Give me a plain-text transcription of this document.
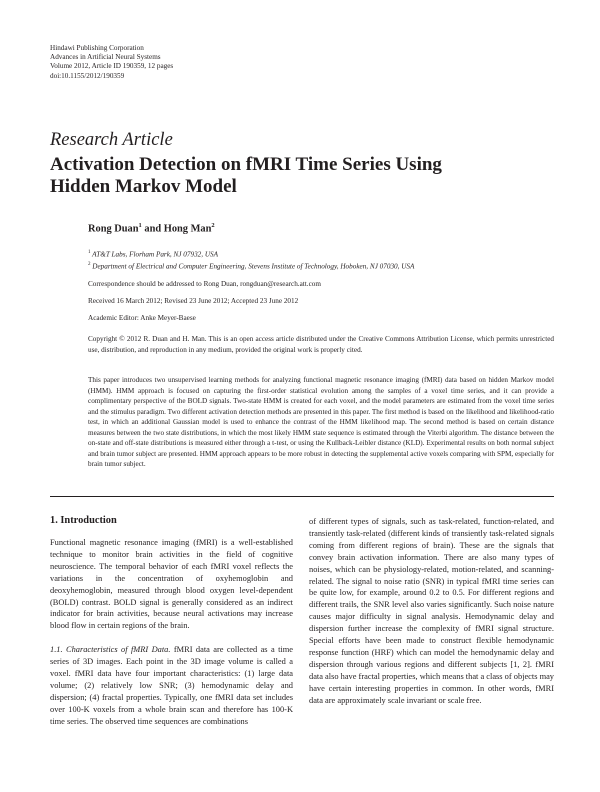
Hindawi Publishing Corporation
Advances in Artificial Neural Systems
Volume 2012, Article ID 190359, 12 pages
doi:10.1155/2012/190359
Research Article
Activation Detection on fMRI Time Series Using
Hidden Markov Model
Rong Duan$^1$ and Hong Man$^2$
$^1$ AT&T Labs, Florham Park, NJ 07932, USA
$^2$ Department of Electrical and Computer Engineering, Stevens Institute of Technology, Hoboken, NJ 07030, USA
Correspondence should be addressed to Rong Duan, rongduan@research.att.com
Received 16 March 2012; Revised 23 June 2012; Accepted 23 June 2012
Academic Editor: Anke Meyer-Baese
Copyright © 2012 R. Duan and H. Man. This is an open access article distributed under the Creative Commons Attribution License, which permits unrestricted use, distribution, and reproduction in any medium, provided the original work is properly cited.
This paper introduces two unsupervised learning methods for analyzing functional magnetic resonance imaging (fMRI) data based on hidden Markov model (HMM). HMM approach is focused on capturing the first-order statistical evolution among the samples of a voxel time series, and it can provide a complimentary perspective of the BOLD signals. Two-state HMM is created for each voxel, and the model parameters are estimated from the voxel time series and the stimulus paradigm. Two different activation detection methods are presented in this paper. The first method is based on the likelihood and likelihood-ratio test, in which an additional Gaussian model is used to enhance the contrast of the HMM likelihood map. The second method is based on certain distance measures between the two state distributions, in which the most likely HMM state sequence is estimated through the Viterbi algorithm. The distance between the on-state and off-state distributions is measured either through a t-test, or using the Kullback-Leibler distance (KLD). Experimental results on both normal subject and brain tumor subject are presented. HMM approach appears to be more robust in detecting the supplemental active voxels comparing with SPM, especially for brain tumor subject.
1. Introduction

Functional magnetic resonance imaging (fMRI) is a well-established technique to monitor brain activities in the field of cognitive neuroscience. The temporal behavior of each fMRI voxel reflects the variations in the concentration of oxyhemoglobin and deoxyhemoglobin, measured through blood oxygen level-dependent (BOLD) contrast. BOLD signal is generally considered as an indirect indicator for brain activities, because neural activations may increase blood flow in certain regions of the brain.

1.1. Characteristics of fMRI Data. fMRI data are collected as a time series of 3D images. Each point in the 3D image volume is called a voxel. fMRI data have four important characteristics: (1) large data volume; (2) relatively low SNR; (3) hemodynamic delay and dispersion; (4) fractal properties. Typically, one fMRI data set includes over 100-K voxels from a whole brain scan and therefore has 100-K time series. The observed time sequences are combinations

of different types of signals, such as task-related, function-related, and transiently task-related (different kinds of transiently task-related signals coming from different regions of brain). These are the signals that convey brain activation information. There are also many types of noises, which can be physiology-related, motion-related, and scanning-related. The signal to noise ratio (SNR) in typical fMRI time series can be quite low, for example, around 0.2 to 0.5. For different regions and different trails, the SNR level also varies significantly. Such noise nature causes major difficulty in signal analysis. Hemodynamic delay and dispersion further increase the complexity of fMRI signal structure. Special efforts have been made to construct flexible hemodynamic response function (HRF) which can model the hemodynamic delay and dispersion through various regions and different subjects [1, 2]. fMRI data also have fractal properties, which means that a class of objects may have certain interesting properties in common. In other words, fMRI data are approximately scale invariant or scale free.
